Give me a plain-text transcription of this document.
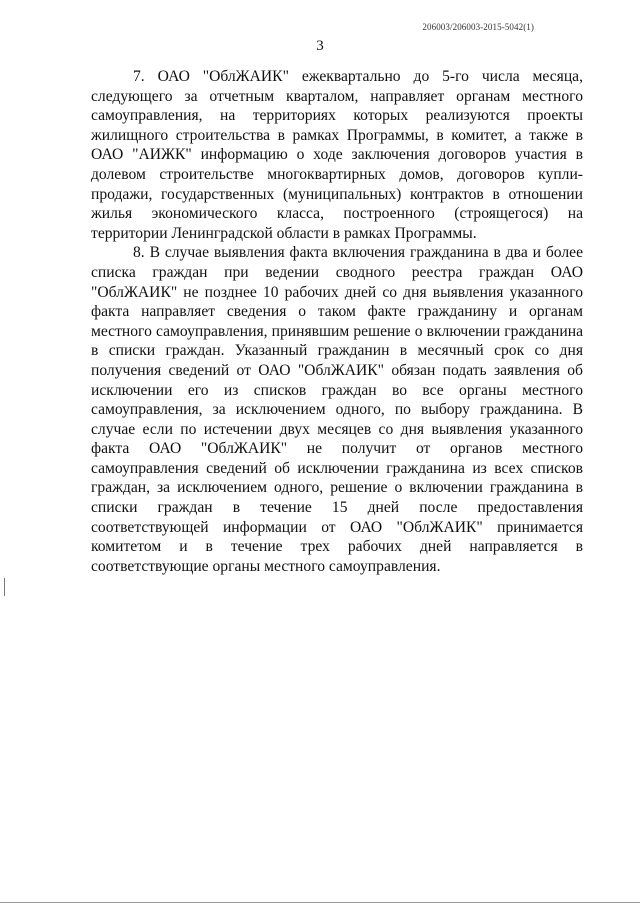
206003/206003-2015-5042(1)
3

7. ОАО "ОблЖАИК" ежеквартально до 5-го числа месяца, следующего за отчетным кварталом, направляет органам местного самоуправления, на территориях которых реализуются проекты жилищного строительства в рамках Программы, в комитет, а также в ОАО "АИЖК" информацию о ходе заключения договоров участия в долевом строительстве многоквартирных домов, договоров купли-продажи, государственных (муниципальных) контрактов в отношении жилья экономического класса, построенного (строящегося) на территории Ленинградской области в рамках Программы.

8. В случае выявления факта включения гражданина в два и более списка граждан при ведении сводного реестра граждан ОАО "ОблЖАИК" не позднее 10 рабочих дней со дня выявления указанного факта направляет сведения о таком факте гражданину и органам местного самоуправления, принявшим решение о включении гражданина в списки граждан. Указанный гражданин в месячный срок со дня получения сведений от ОАО "ОблЖАИК" обязан подать заявления об исключении его из списков граждан во все органы местного самоуправления, за исключением одного, по выбору гражданина. В случае если по истечении двух месяцев со дня выявления указанного факта ОАО "ОблЖАИК" не получит от органов местного самоуправления сведений об исключении гражданина из всех списков граждан, за исключением одного, решение о включении гражданина в списки граждан в течение 15 дней после предоставления соответствующей информации от ОАО "ОблЖАИК" принимается комитетом и в течение трех рабочих дней направляется в соответствующие органы местного самоуправления.
